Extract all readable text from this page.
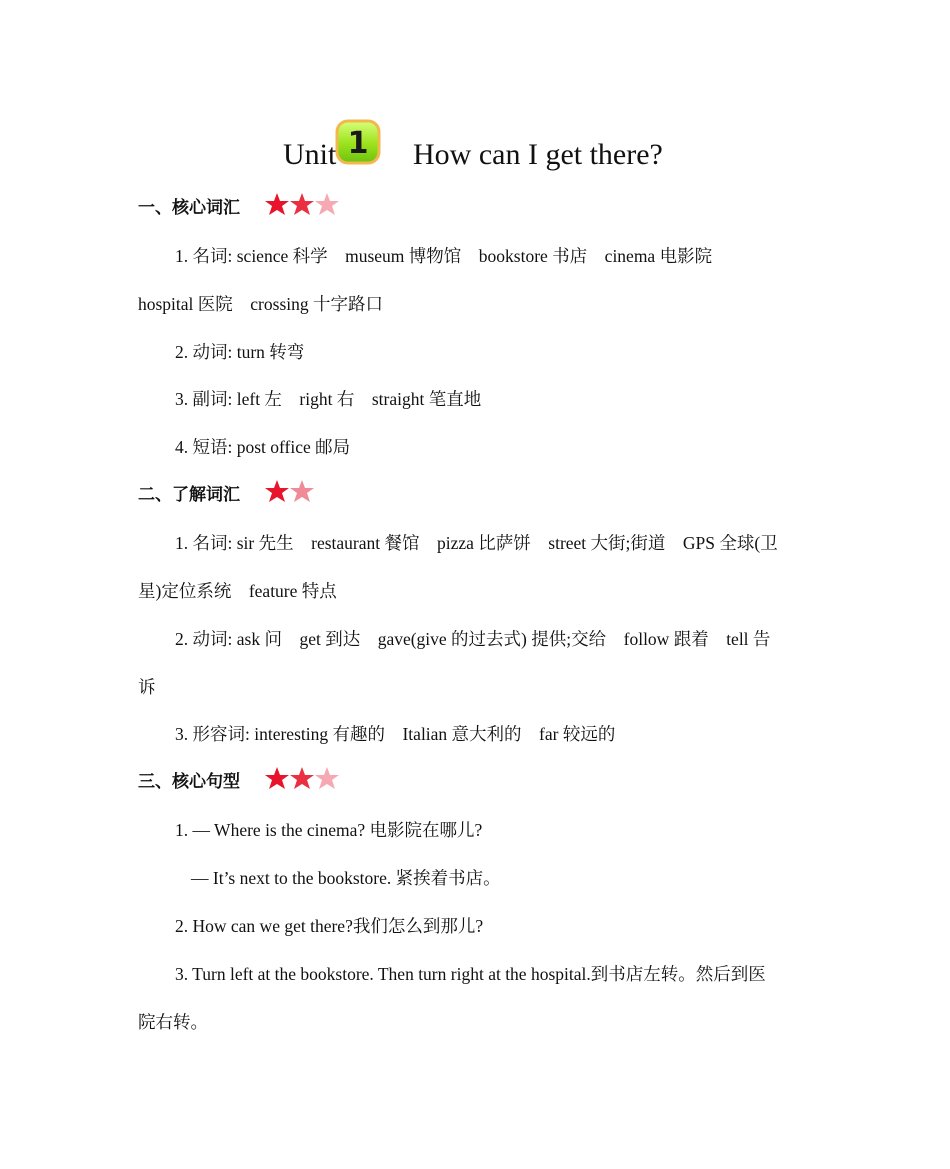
Unit 1 How can I get there?
一、核心词汇
1. 名词: science 科学　museum 博物馆　bookstore 书店　cinema 电影院
hospital 医院　crossing 十字路口
2. 动词: turn 转弯
3. 副词: left 左　right 右　straight 笔直地
4. 短语: post office 邮局
二、了解词汇
1. 名词: sir 先生　restaurant 餐馆　pizza 比萨饼　street 大街;街道　GPS 全球(卫
星)定位系统　feature 特点
2. 动词: ask 问　get 到达　gave(give 的过去式) 提供;交给　follow 跟着　tell 告
诉
3. 形容词: interesting 有趣的　Italian 意大利的　far 较远的
三、核心句型
1. — Where is the cinema? 电影院在哪儿?
— It’s next to the bookstore. 紧挨着书店。
2. How can we get there?我们怎么到那儿?
3. Turn left at the bookstore. Then turn right at the hospital.到书店左转。然后到医
院右转。
